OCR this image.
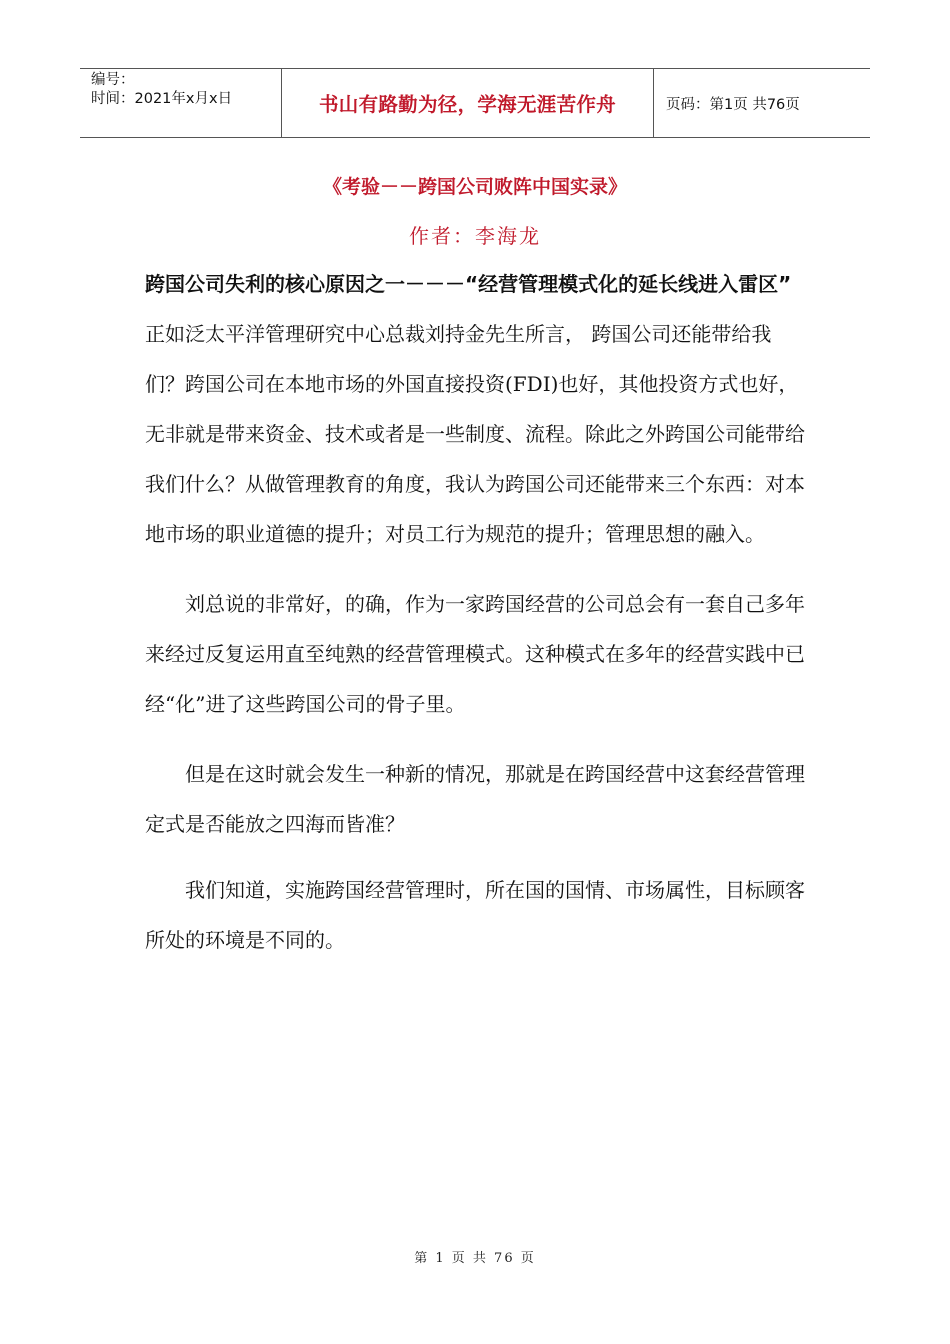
编号：
时间：2021年x月x日	书山有路勤为径，学海无涯苦作舟	页码：第1页 共76页
《考验－－跨国公司败阵中国实录》
作者：李海龙

跨国公司失利的核心原因之一－－－“经营管理模式化的延长线进入雷区”

正如泛太平洋管理研究中心总裁刘持金先生所言， 跨国公司还能带给我们？跨国公司在本地市场的外国直接投资(FDI)也好，其他投资方式也好，无非就是带来资金、技术或者是一些制度、流程。除此之外跨国公司能带给我们什么？从做管理教育的角度，我认为跨国公司还能带来三个东西：对本地市场的职业道德的提升；对员工行为规范的提升；管理思想的融入。

刘总说的非常好，的确，作为一家跨国经营的公司总会有一套自己多年来经过反复运用直至纯熟的经营管理模式。这种模式在多年的经营实践中已经“化”进了这些跨国公司的骨子里。

但是在这时就会发生一种新的情况，那就是在跨国经营中这套经营管理定式是否能放之四海而皆准？

我们知道，实施跨国经营管理时，所在国的国情、市场属性，目标顾客所处的环境是不同的。

第 1 页 共 76 页
